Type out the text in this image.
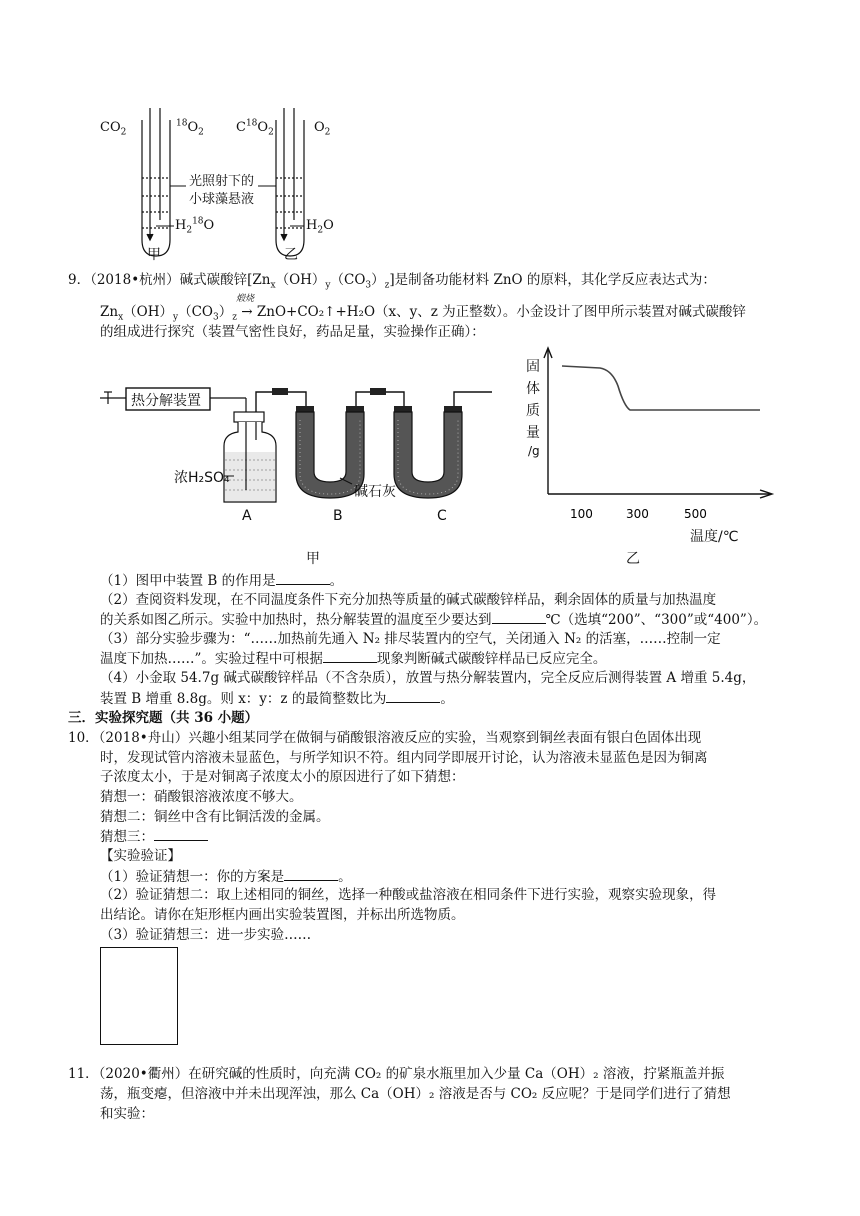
$CO_2$
$^{18}O_2$ $C^{18}O_2$	$O_2$
光照射下的
小球藻悬液
$H_2^{18}O$	$H_2O$
甲	乙
9．（2018•杭州）碱式碳酸锌$[Zn_x(OH)_y(CO_3)_z]$是制备功能材料 ZnO 的原料，其化学反应表达式为：
煅烧
$Zn_x(OH)_y(CO_3)_z$ → ZnO+CO₂↑+H₂O（x、y、z 为正整数）。小金设计了图甲所示装置对碱式碳酸锌
的组成进行探究（装置气密性良好，药品足量，实验操作正确）：
热分解装置
浓H₂SO₄
碱石灰
A	B	C
甲
100	300	500
固
体
质
量
/g
温度/℃
乙
（1）图甲中装置 B 的作用是	。
（2）查阅资料发现，在不同温度条件下充分加热等质量的碱式碳酸锌样品，剩余固体的质量与加热温度
的关系如图乙所示。实验中加热时，热分解装置的温度至少要达到	℃（选填“200”、“300”或“400”）。
（3）部分实验步骤为：“……加热前先通入 N₂ 排尽装置内的空气，关闭通入 N₂ 的活塞，……控制一定
温度下加热……”。实验过程中可根据	现象判断碱式碳酸锌样品已反应完全。
（4）小金取 54.7g 碱式碳酸锌样品（不含杂质），放置与热分解装置内，完全反应后测得装置 A 增重 5.4g，
装置 B 增重 8.8g。则 x：y：z 的最简整数比为	。
三．实验探究题（共 36 小题）
10．（2018•舟山）兴趣小组某同学在做铜与硝酸银溶液反应的实验，当观察到铜丝表面有银白色固体出现
时，发现试管内溶液未显蓝色，与所学知识不符。组内同学即展开讨论，认为溶液未显蓝色是因为铜离
子浓度太小，于是对铜离子浓度太小的原因进行了如下猜想：
猜想一：硝酸银溶液浓度不够大。
猜想二：铜丝中含有比铜活泼的金属。
猜想三：
【实验验证】
（1）验证猜想一：你的方案是	。
（2）验证猜想二：取上述相同的铜丝，选择一种酸或盐溶液在相同条件下进行实验，观察实验现象，得
出结论。请你在矩形框内画出实验装置图，并标出所选物质。
（3）验证猜想三：进一步实验……
11．（2020•衢州）在研究碱的性质时，向充满 CO₂ 的矿泉水瓶里加入少量 Ca（OH）₂ 溶液，拧紧瓶盖并振
荡，瓶变瘪，但溶液中并未出现浑浊，那么 Ca（OH）₂ 溶液是否与 CO₂ 反应呢？于是同学们进行了猜想
和实验：
